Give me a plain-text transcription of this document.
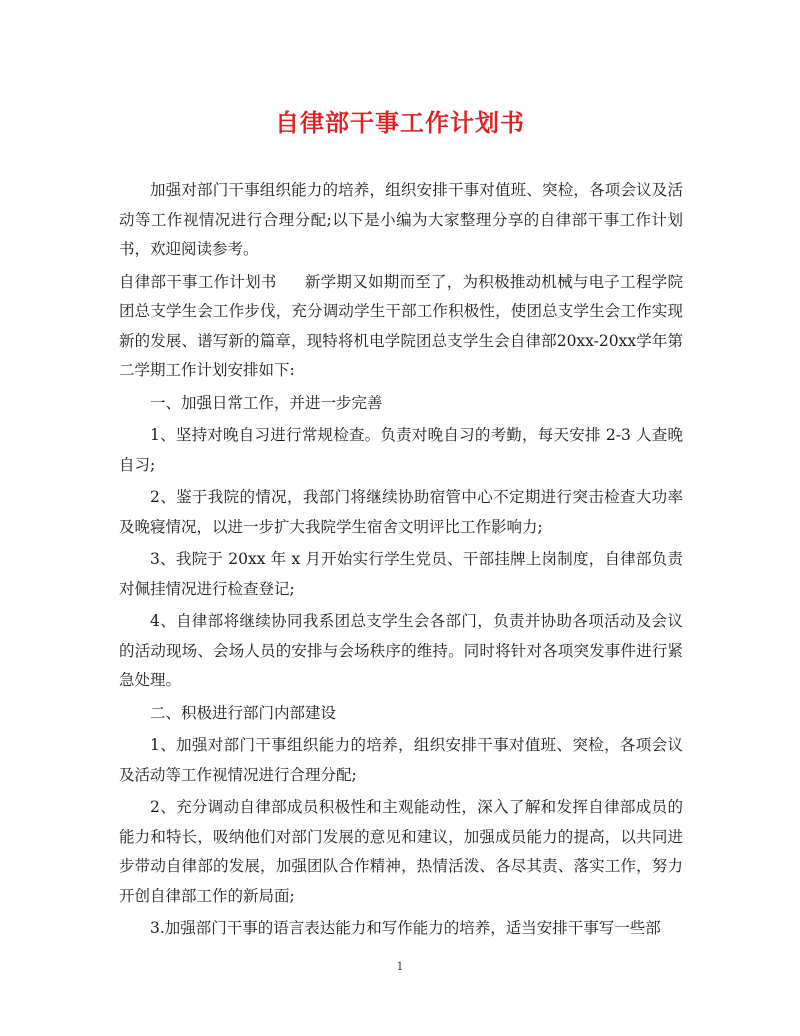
自律部干事工作计划书

加强对部门干事组织能力的培养，组织安排干事对值班、突检，各项会议及活动等工作视情况进行合理分配;以下是小编为大家整理分享的自律部干事工作计划书，欢迎阅读参考。

自律部干事工作计划书 新学期又如期而至了，为积极推动机械与电子工程学院团总支学生会工作步伐，充分调动学生干部工作积极性，使团总支学生会工作实现新的发展、谱写新的篇章，现特将机电学院团总支学生会自律部20xx-20xx学年第二学期工作计划安排如下:

一、加强日常工作，并进一步完善

1、坚持对晚自习进行常规检查。负责对晚自习的考勤，每天安排 2-3 人查晚自习;

2、鉴于我院的情况，我部门将继续协助宿管中心不定期进行突击检查大功率及晚寝情况，以进一步扩大我院学生宿舍文明评比工作影响力;

3、我院于 20xx 年 x 月开始实行学生党员、干部挂牌上岗制度，自律部负责对佩挂情况进行检查登记;

4、自律部将继续协同我系团总支学生会各部门，负责并协助各项活动及会议的活动现场、会场人员的安排与会场秩序的维持。同时将针对各项突发事件进行紧急处理。

二、积极进行部门内部建设

1、加强对部门干事组织能力的培养，组织安排干事对值班、突检，各项会议及活动等工作视情况进行合理分配;

2、充分调动自律部成员积极性和主观能动性，深入了解和发挥自律部成员的能力和特长，吸纳他们对部门发展的意见和建议，加强成员能力的提高，以共同进步带动自律部的发展，加强团队合作精神，热情活泼、各尽其责、落实工作，努力开创自律部工作的新局面;

3.加强部门干事的语言表达能力和写作能力的培养，适当安排干事写一些部

1
